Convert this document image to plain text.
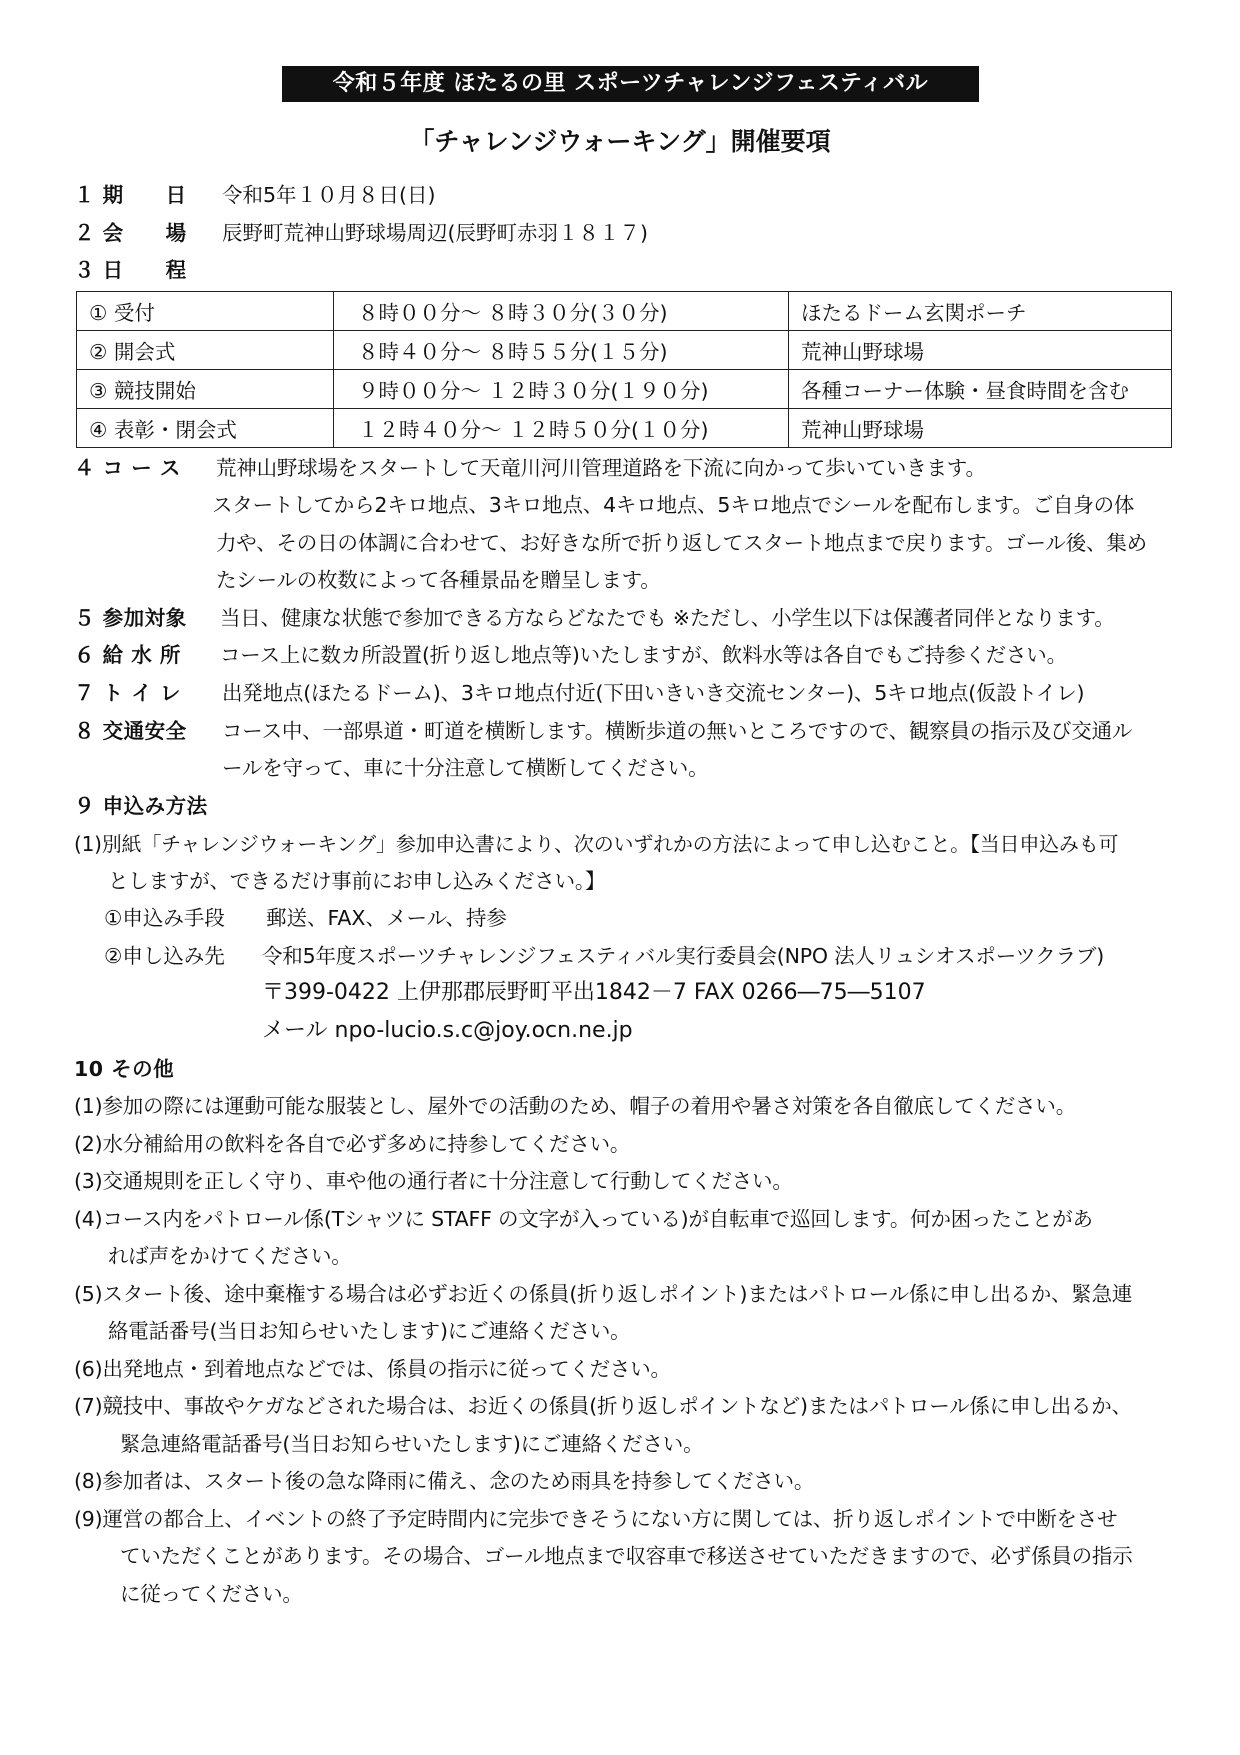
令和５年度 ほたるの里 スポーツチャレンジフェスティバル
「チャレンジウォーキング」開催要項
１ 期　　日 令和5年１０月８日(日)
２ 会　　場 辰野町荒神山野球場周辺(辰野町赤羽１８１７)
３ 日　　程
① 受付	８時００分～ ８時３０分(３０分)	ほたるドーム玄関ポーチ
② 開会式	８時４０分～ ８時５５分(１５分)	荒神山野球場
③ 競技開始	９時００分～ １２時３０分(１９０分)	各種コーナー体験・昼食時間を含む
④ 表彰・閉会式	１２時４０分～ １２時５０分(１０分)	荒神山野球場
４ コ ー ス 荒神山野球場をスタートして天竜川河川管理道路を下流に向かって歩いていきます。
スタートしてから2キロ地点、3キロ地点、4キロ地点、5キロ地点でシールを配布します。ご自身の体
力や、その日の体調に合わせて、お好きな所で折り返してスタート地点まで戻ります。ゴール後、集め
たシールの枚数によって各種景品を贈呈します。
５ 参加対象 当日、健康な状態で参加できる方ならどなたでも ※ただし、小学生以下は保護者同伴となります。
６ 給 水 所 コース上に数カ所設置(折り返し地点等)いたしますが、飲料水等は各自でもご持参ください。
７ ト イ レ 出発地点(ほたるドーム)、3キロ地点付近(下田いきいき交流センター)、5キロ地点(仮設トイレ)
８ 交通安全 コース中、一部県道・町道を横断します。横断歩道の無いところですので、観察員の指示及び交通ル
ールを守って、車に十分注意して横断してください。
９ 申込み方法
(1)別紙「チャレンジウォーキング」参加申込書により、次のいずれかの方法によって申し込むこと。【当日申込みも可
としますが、できるだけ事前にお申し込みください。】
①申込み手段 郵送、FAX、メール、持参
②申し込み先 令和5年度スポーツチャレンジフェスティバル実行委員会(NPO 法人リュシオスポーツクラブ)
〒399-0422 上伊那郡辰野町平出1842－7 FAX 0266―75―5107
メール npo-lucio.s.c@joy.ocn.ne.jp
10 その他
(1)参加の際には運動可能な服装とし、屋外での活動のため、帽子の着用や暑さ対策を各自徹底してください。
(2)水分補給用の飲料を各自で必ず多めに持参してください。
(3)交通規則を正しく守り、車や他の通行者に十分注意して行動してください。
(4)コース内をパトロール係(Tシャツに STAFF の文字が入っている)が自転車で巡回します。何か困ったことがあ
れば声をかけてください。
(5)スタート後、途中棄権する場合は必ずお近くの係員(折り返しポイント)またはパトロール係に申し出るか、緊急連
絡電話番号(当日お知らせいたします)にご連絡ください。
(6)出発地点・到着地点などでは、係員の指示に従ってください。
(7)競技中、事故やケガなどされた場合は、お近くの係員(折り返しポイントなど)またはパトロール係に申し出るか、
緊急連絡電話番号(当日お知らせいたします)にご連絡ください。
(8)参加者は、スタート後の急な降雨に備え、念のため雨具を持参してください。
(9)運営の都合上、イベントの終了予定時間内に完歩できそうにない方に関しては、折り返しポイントで中断をさせ
ていただくことがあります。その場合、ゴール地点まで収容車で移送させていただきますので、必ず係員の指示
に従ってください。
